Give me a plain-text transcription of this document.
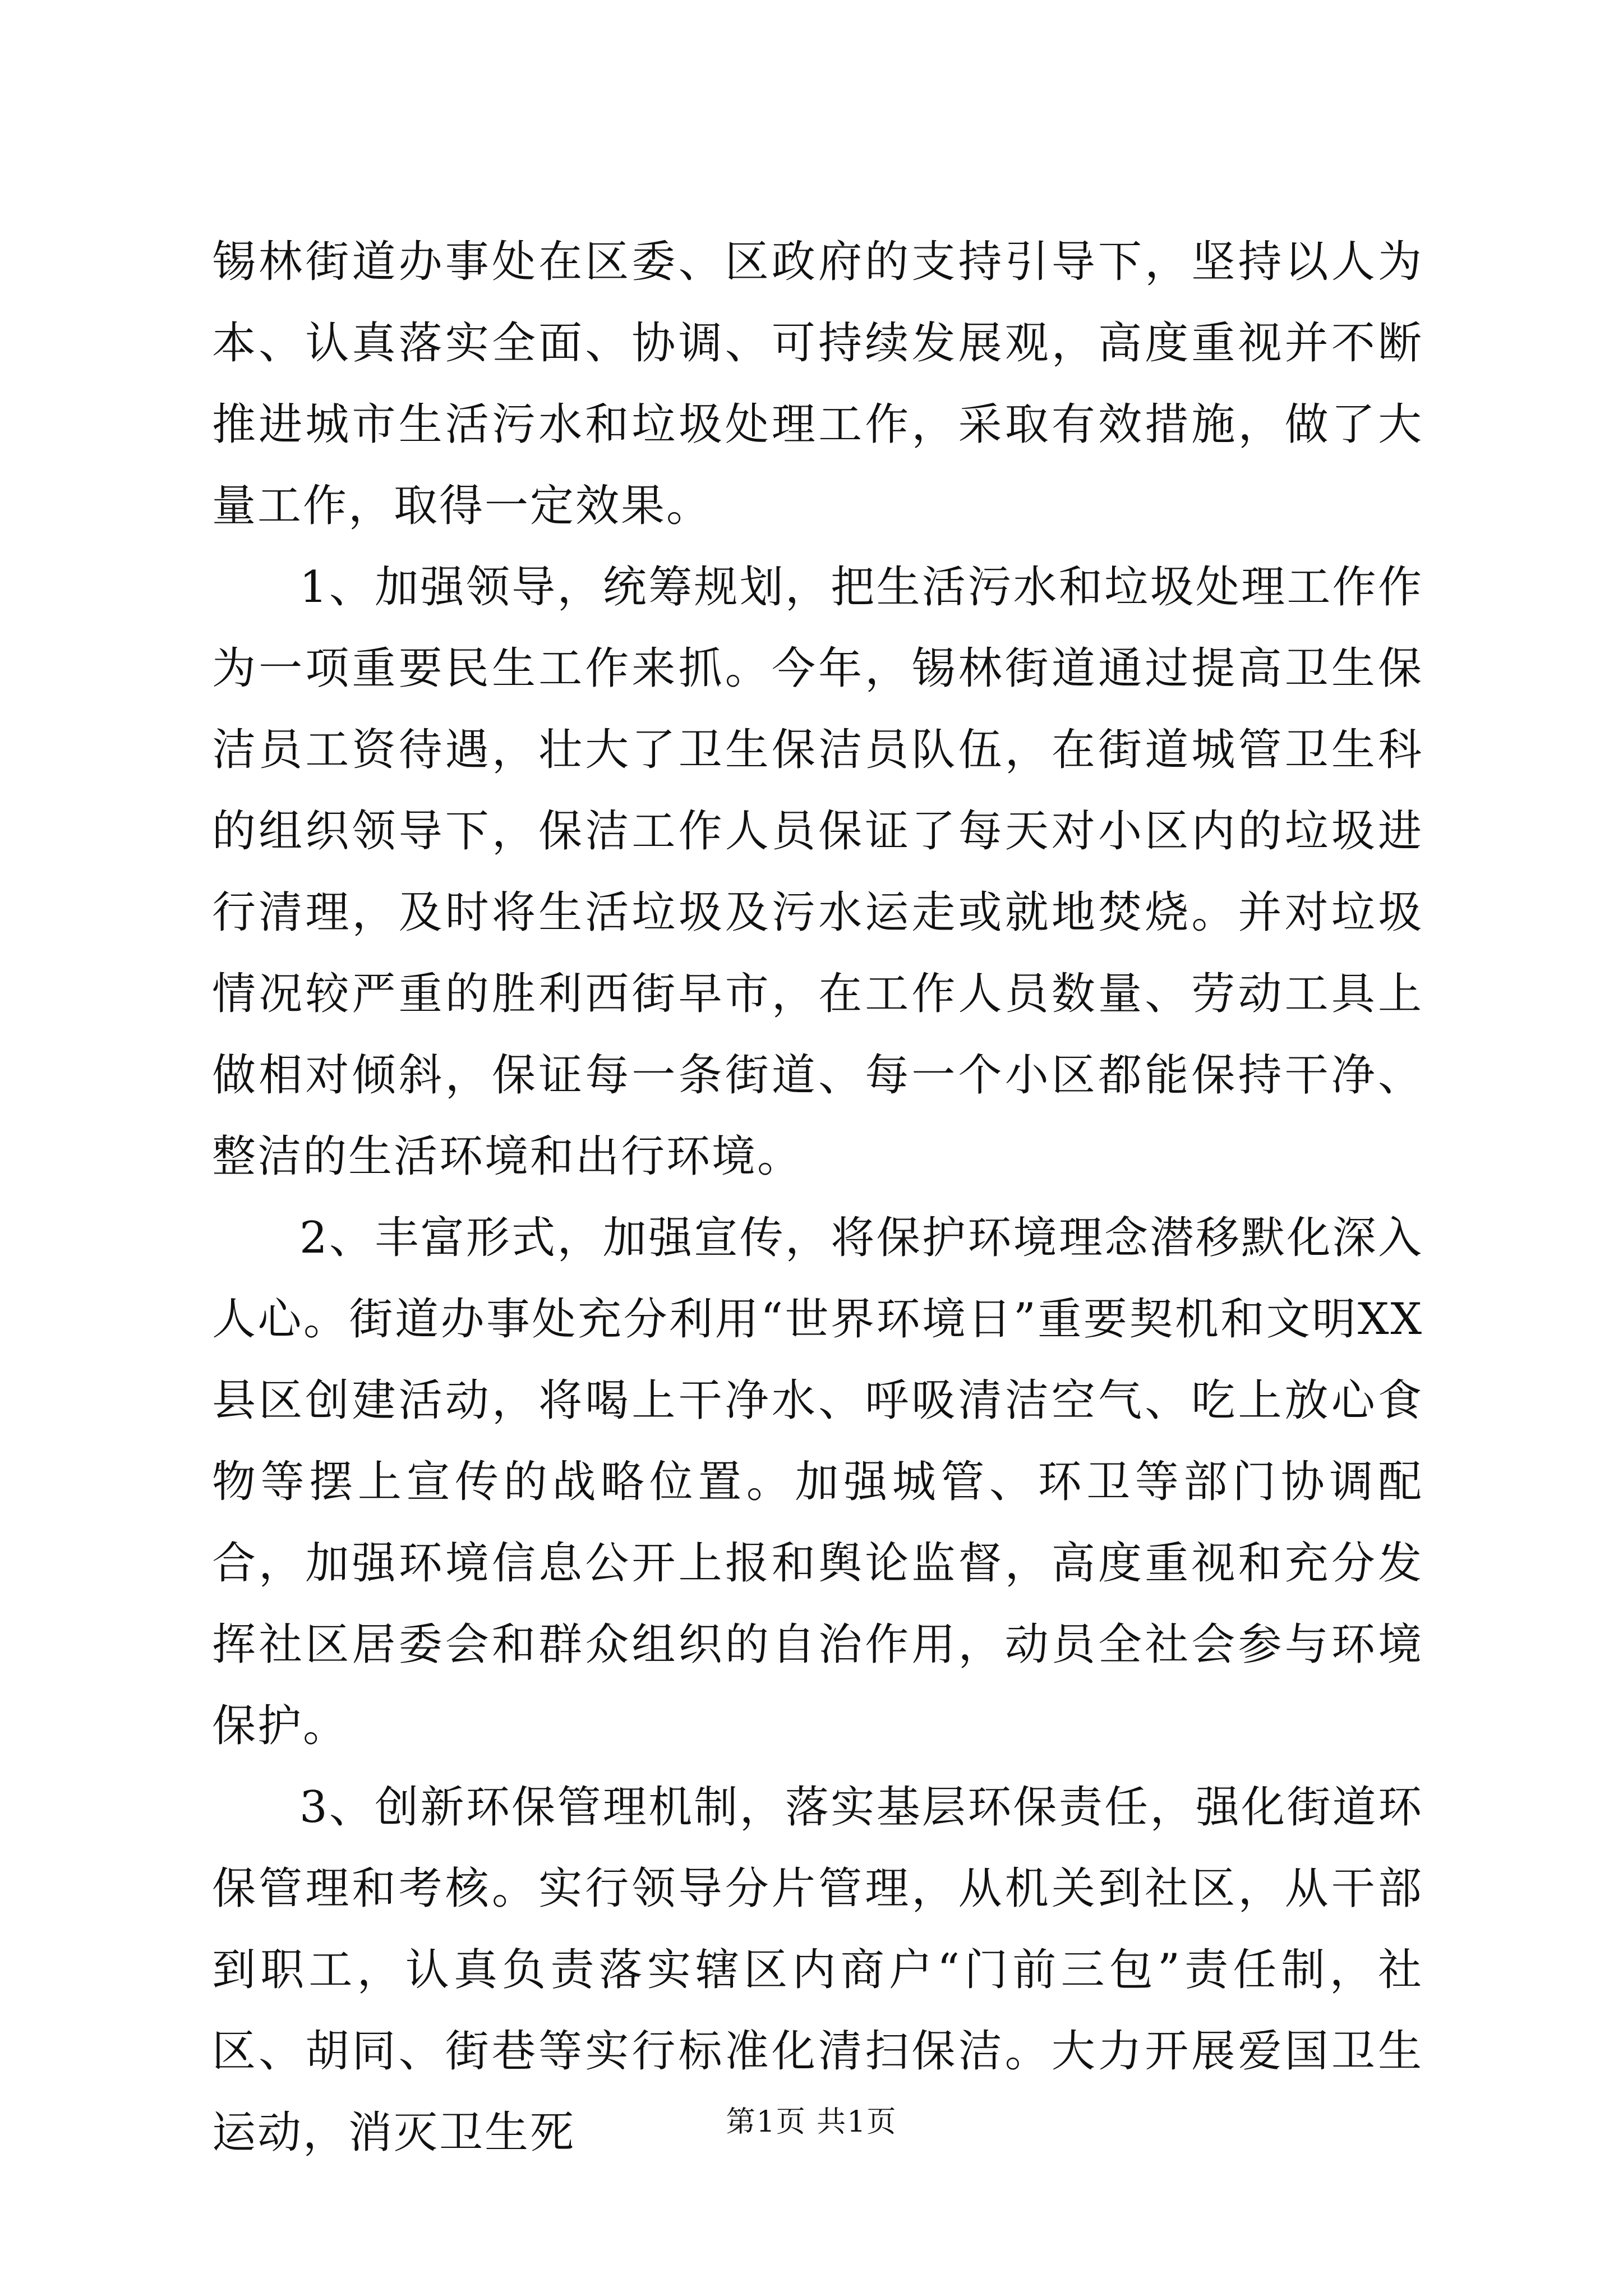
锡林街道办事处在区委、区政府的支持引导下，坚持以人为本、认真落实全面、协调、可持续发展观，高度重视并不断推进城市生活污水和垃圾处理工作，采取有效措施，做了大量工作，取得一定效果。

1、加强领导，统筹规划，把生活污水和垃圾处理工作作为一项重要民生工作来抓。今年，锡林街道通过提高卫生保洁员工资待遇，壮大了卫生保洁员队伍，在街道城管卫生科的组织领导下，保洁工作人员保证了每天对小区内的垃圾进行清理，及时将生活垃圾及污水运走或就地焚烧。并对垃圾情况较严重的胜利西街早市，在工作人员数量、劳动工具上做相对倾斜，保证每一条街道、每一个小区都能保持干净、整洁的生活环境和出行环境。

2、丰富形式，加强宣传，将保护环境理念潜移默化深入人心。街道办事处充分利用“世界环境日”重要契机和文明XX县区创建活动，将喝上干净水、呼吸清洁空气、吃上放心食物等摆上宣传的战略位置。加强城管、环卫等部门协调配合，加强环境信息公开上报和舆论监督，高度重视和充分发挥社区居委会和群众组织的自治作用，动员全社会参与环境保护。

3、创新环保管理机制，落实基层环保责任，强化街道环保管理和考核。实行领导分片管理，从机关到社区，从干部到职工，认真负责落实辖区内商户“门前三包”责任制，社区、胡同、街巷等实行标准化清扫保洁。大力开展爱国卫生运动，消灭卫生死	第1页 共1页
